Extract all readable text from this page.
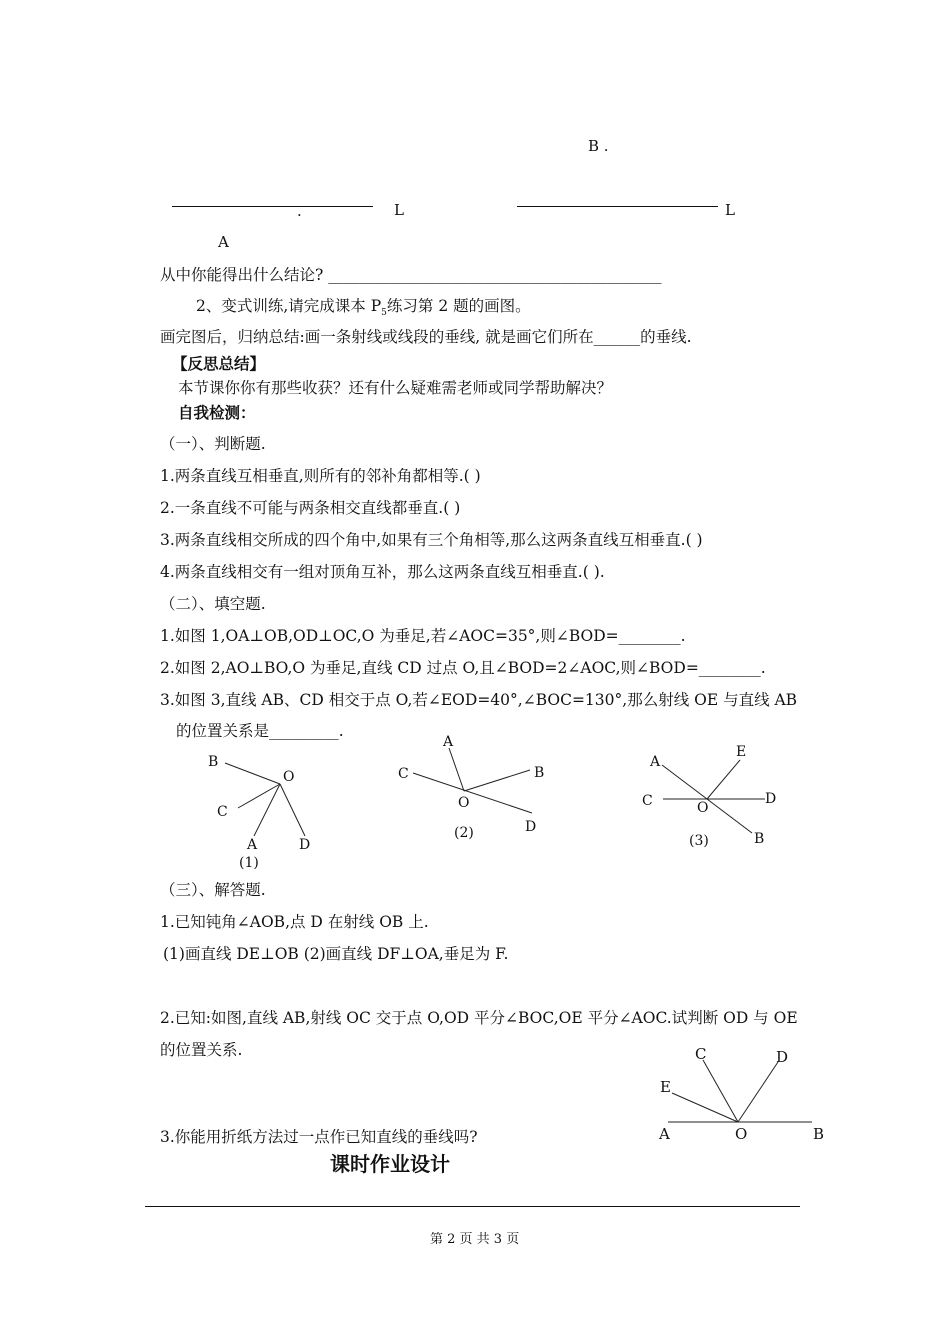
B .
.	L	L
A
从中你能得出什么结论? ___________________________________________
2、变式训练,请完成课本 $P_5$练习第 2 题的画图。
画完图后，归纳总结:画一条射线或线段的垂线, 就是画它们所在______的垂线.
【反思总结】
本节课你你有那些收获？还有什么疑难需老师或同学帮助解决？
自我检测：
（一）、判断题.
1.两条直线互相垂直,则所有的邻补角都相等.( )
2.一条直线不可能与两条相交直线都垂直.( )
3.两条直线相交所成的四个角中,如果有三个角相等,那么这两条直线互相垂直.( )
4.两条直线相交有一组对顶角互补，那么这两条直线互相垂直.( ).
（二）、填空题.
1.如图 1,OA⊥OB,OD⊥OC,O 为垂足,若∠AOC=35°,则∠BOD=________.
2.如图 2,AO⊥BO,O 为垂足,直线 CD 过点 O,且∠BOD=2∠AOC,则∠BOD=________.
3.如图 3,直线 AB、CD 相交于点 O,若∠EOD=40°,∠BOC=130°,那么射线 OE 与直线 AB
的位置关系是_________.
B
O
C
A	D
(1)
A
C	B
O
D
(2)
A
E
C	O
D
B
(3)
（三）、解答题.
1.已知钝角∠AOB,点 D 在射线 OB 上.
(1)画直线 DE⊥OB (2)画直线 DF⊥OA,垂足为 F.
2.已知:如图,直线 AB,射线 OC 交于点 O,OD 平分∠BOC,OE 平分∠AOC.试判断 OD 与 OE
的位置关系.	C	D
E
A	O	B
3.你能用折纸方法过一点作已知直线的垂线吗?
课时作业设计
第 2 页 共 3 页
